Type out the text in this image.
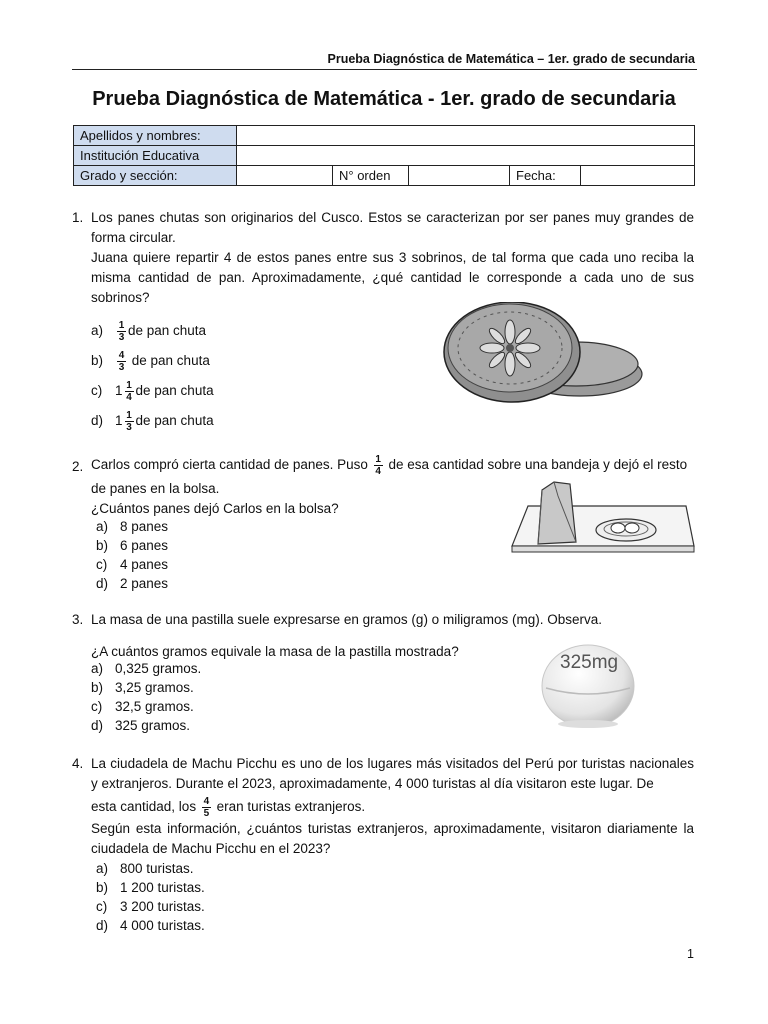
Prueba Diagnóstica de Matemática – 1er. grado de secundaria
Prueba Diagnóstica de Matemática - 1er. grado de secundaria
Apellidos y nombres:					
Institución Educativa					
Grado y sección:		N° orden		Fecha:	
1. Los panes chutas son originarios del Cusco. Estos se caracterizan por ser panes muy grandes de forma circular.
Juana quiere repartir 4 de estos panes entre sus 3 sobrinos, de tal forma que cada uno reciba la misma cantidad de pan. Aproximadamente, ¿qué cantidad le corresponde a cada uno de sus sobrinos?
$a) \frac{1}{3}$ de pan chuta
$b) \frac{4}{3}$ de pan chuta
c) $1 \frac{1}{4}$ de pan chuta
d) $1 \frac{1}{3}$ de pan chuta
2. Carlos compró cierta cantidad de panes. Puso $\frac{1}{4}$ de esa cantidad sobre una bandeja y dejó el resto
de panes en la bolsa.
¿Cuántos panes dejó Carlos en la bolsa?
a) 8 panes
b) 6 panes
c) 4 panes
d) 2 panes
3. La masa de una pastilla suele expresarse en gramos (g) o miligramos (mg). Observa.
¿A cuántos gramos equivale la masa de la pastilla mostrada?
a) 0,325 gramos.
b) 3,25 gramos.
c) 32,5 gramos.
d) 325 gramos.
325mg
4. La ciudadela de Machu Picchu es uno de los lugares más visitados del Perú por turistas nacionales y extranjeros. Durante el 2023, aproximadamente, 4 000 turistas al día visitaron este lugar. De
esta cantidad, los $\frac{4}{5}$ eran turistas extranjeros.
Según esta información, ¿cuántos turistas extranjeros, aproximadamente, visitaron diariamente la ciudadela de Machu Picchu en el 2023?
a) 800 turistas.
b) 1 200 turistas.
c) 3 200 turistas.
d) 4 000 turistas.
1
